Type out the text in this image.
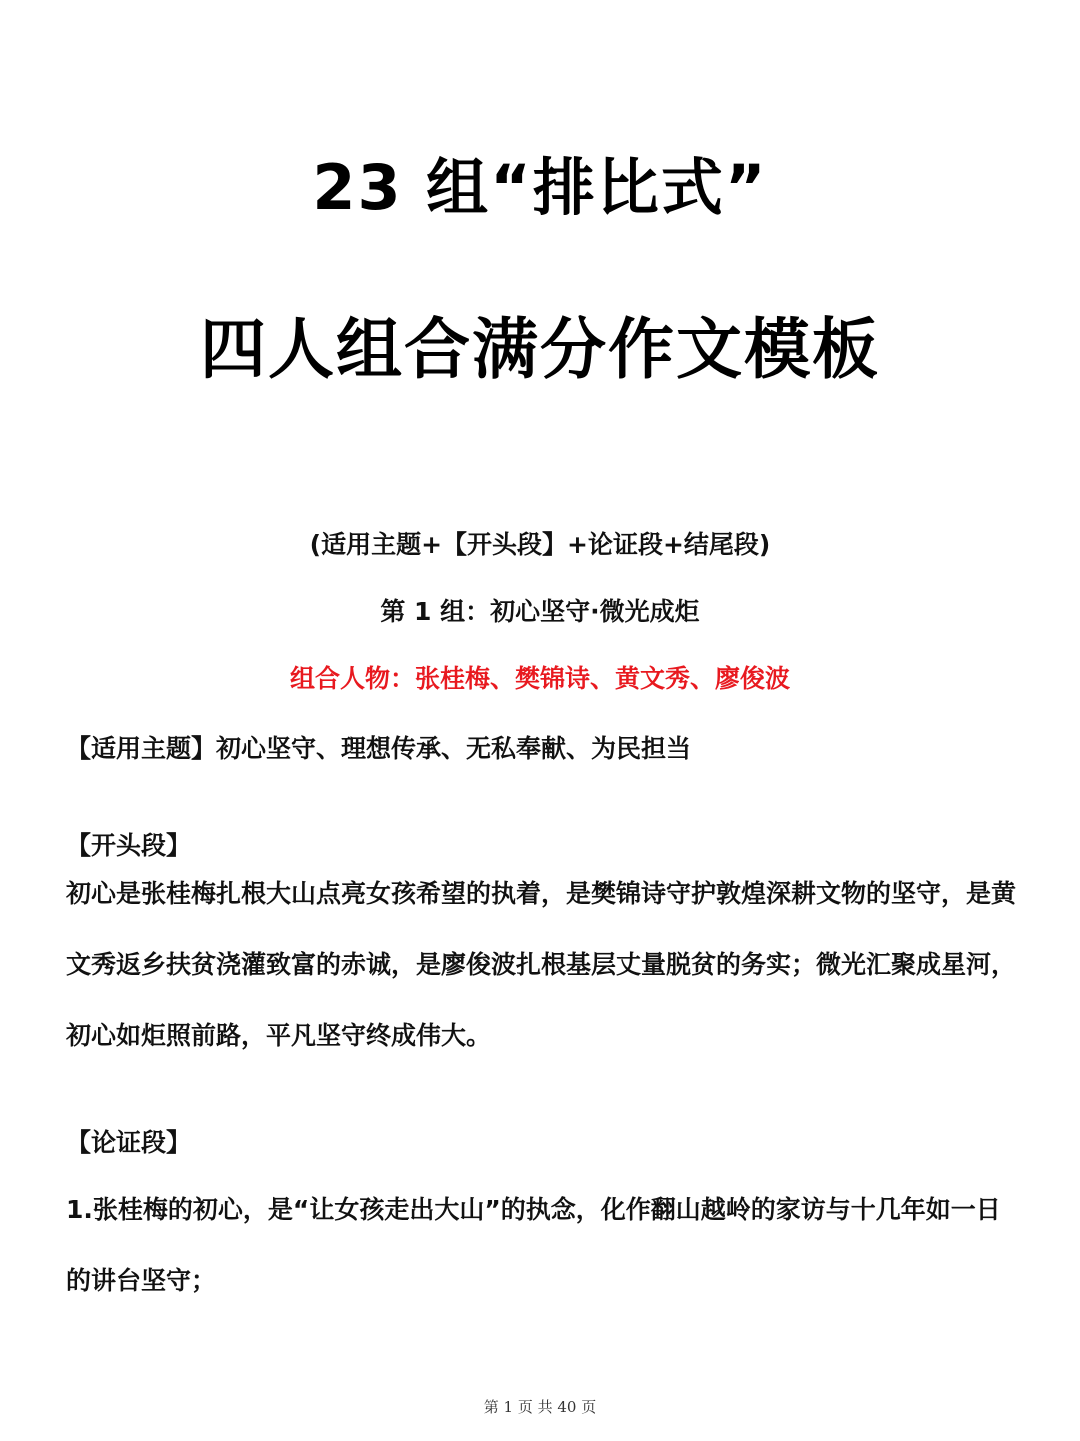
23 组“排比式”
四人组合满分作文模板
(适用主题+【开头段】+论证段+结尾段)
第 1 组：初心坚守·微光成炬
组合人物：张桂梅、樊锦诗、黄文秀、廖俊波
【适用主题】初心坚守、理想传承、无私奉献、为民担当
【开头段】
初心是张桂梅扎根大山点亮女孩希望的执着，是樊锦诗守护敦煌深耕文物的坚守，是黄文秀返乡扶贫浇灌致富的赤诚，是廖俊波扎根基层丈量脱贫的务实；微光汇聚成星河，初心如炬照前路，平凡坚守终成伟大。
【论证段】
1.张桂梅的初心，是“让女孩走出大山”的执念，化作翻山越岭的家访与十几年如一日的讲台坚守；
第 1 页 共 40 页
